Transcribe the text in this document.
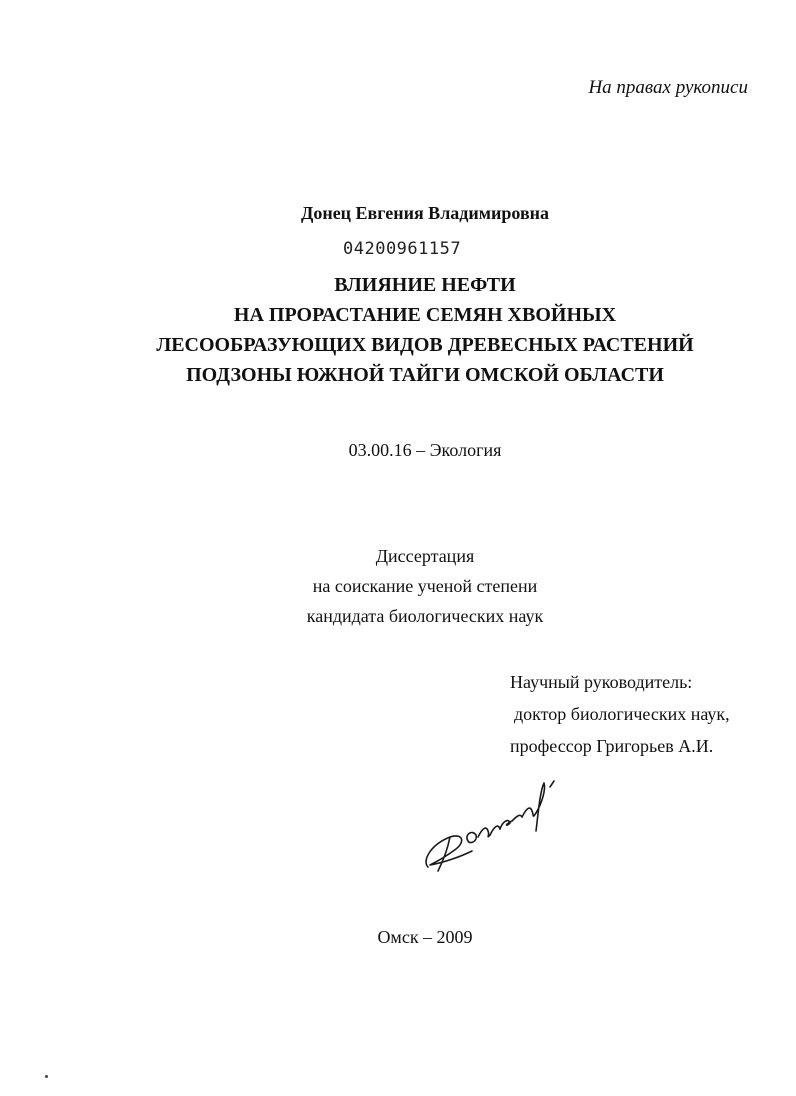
На правах рукописи
Донец Евгения Владимировна
04200961157
ВЛИЯНИЕ НЕФТИ
НА ПРОРАСТАНИЕ СЕМЯН ХВОЙНЫХ
ЛЕСООБРАЗУЮЩИХ ВИДОВ ДРЕВЕСНЫХ РАСТЕНИЙ
ПОДЗОНЫ ЮЖНОЙ ТАЙГИ ОМСКОЙ ОБЛАСТИ
03.00.16 – Экология
Диссертация
на соискание ученой степени
кандидата биологических наук
Научный руководитель:
доктор биологических наук,
профессор Григорьев А.И.
Омск – 2009
